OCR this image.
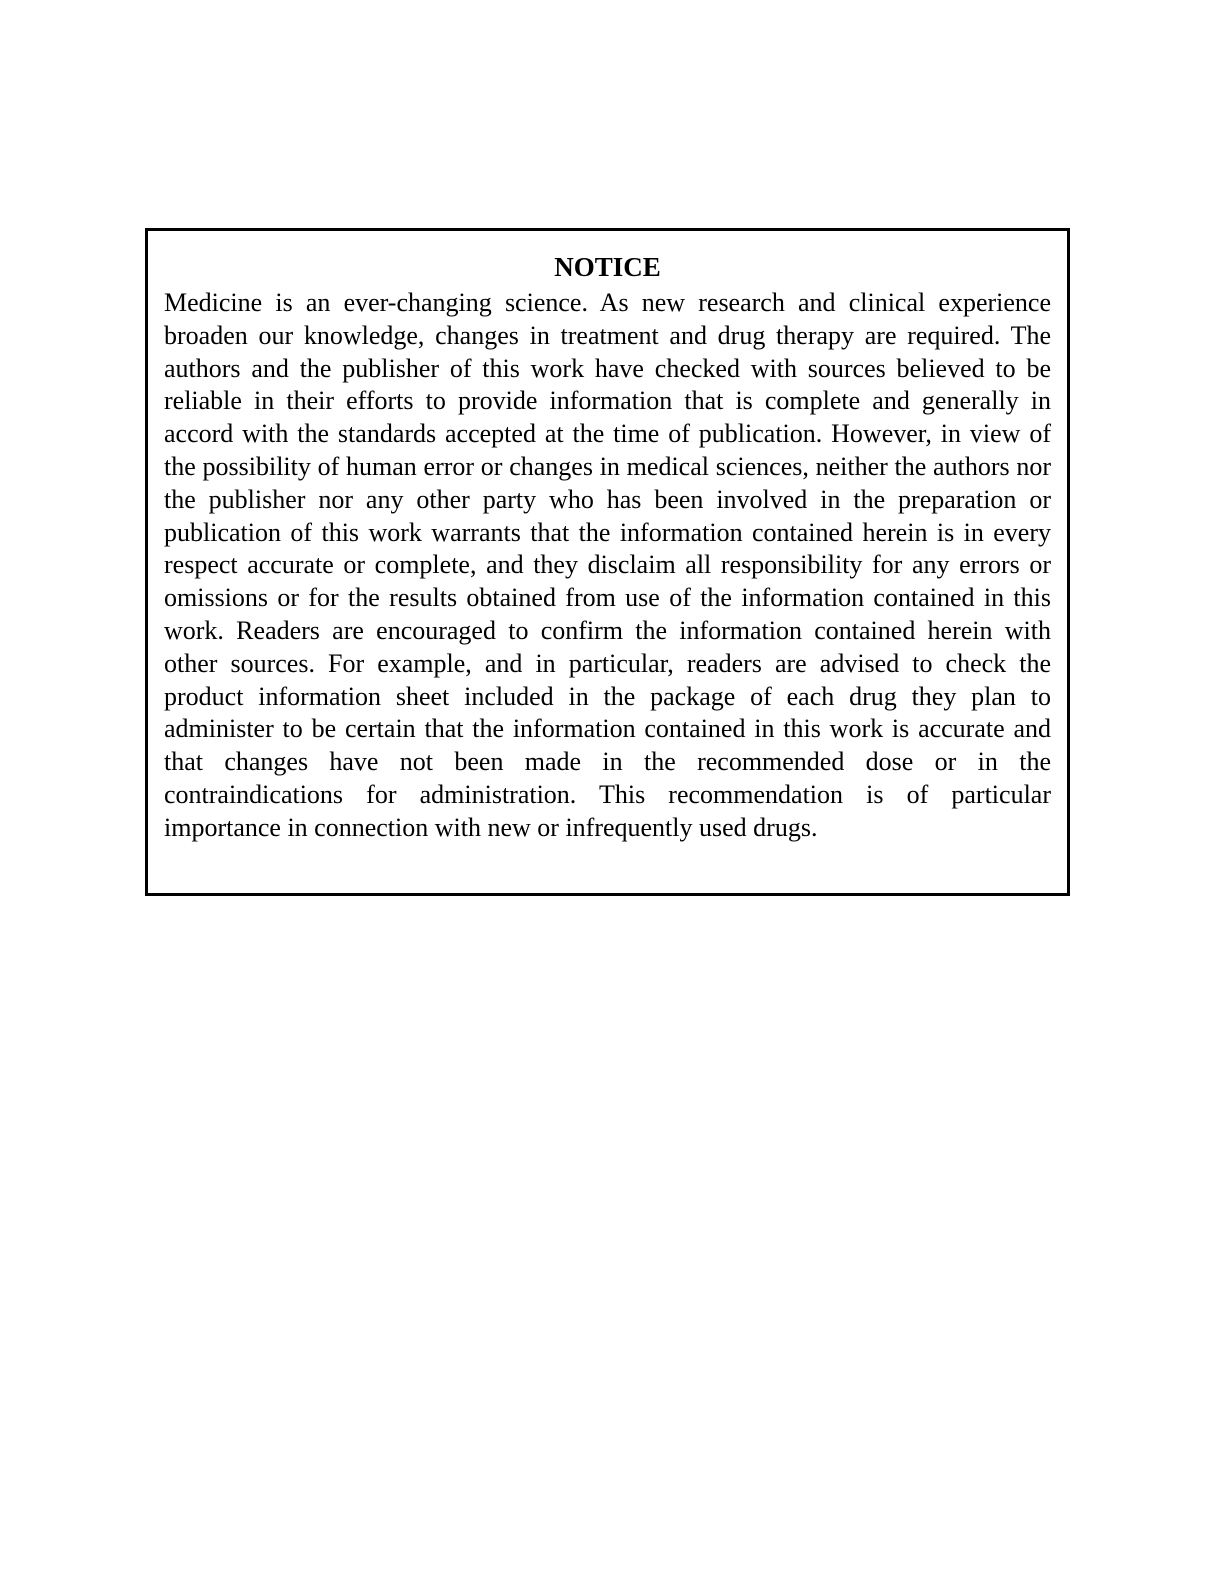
NOTICE

Medicine is an ever-changing science. As new research and clinical experience broaden our knowledge, changes in treatment and drug therapy are required. The authors and the publisher of this work have checked with sources believed to be reliable in their efforts to provide information that is complete and generally in accord with the standards accepted at the time of publication. However, in view of the possibility of human error or changes in medical sciences, neither the authors nor the publisher nor any other party who has been involved in the preparation or publication of this work warrants that the information contained herein is in every respect accurate or complete, and they disclaim all responsibility for any errors or omissions or for the results obtained from use of the information contained in this work. Readers are encouraged to confirm the information contained herein with other sources. For example, and in particular, readers are advised to check the product information sheet included in the package of each drug they plan to administer to be certain that the information contained in this work is accurate and that changes have not been made in the recommended dose or in the contraindications for administration. This recommendation is of particular importance in connection with new or infrequently used drugs.
